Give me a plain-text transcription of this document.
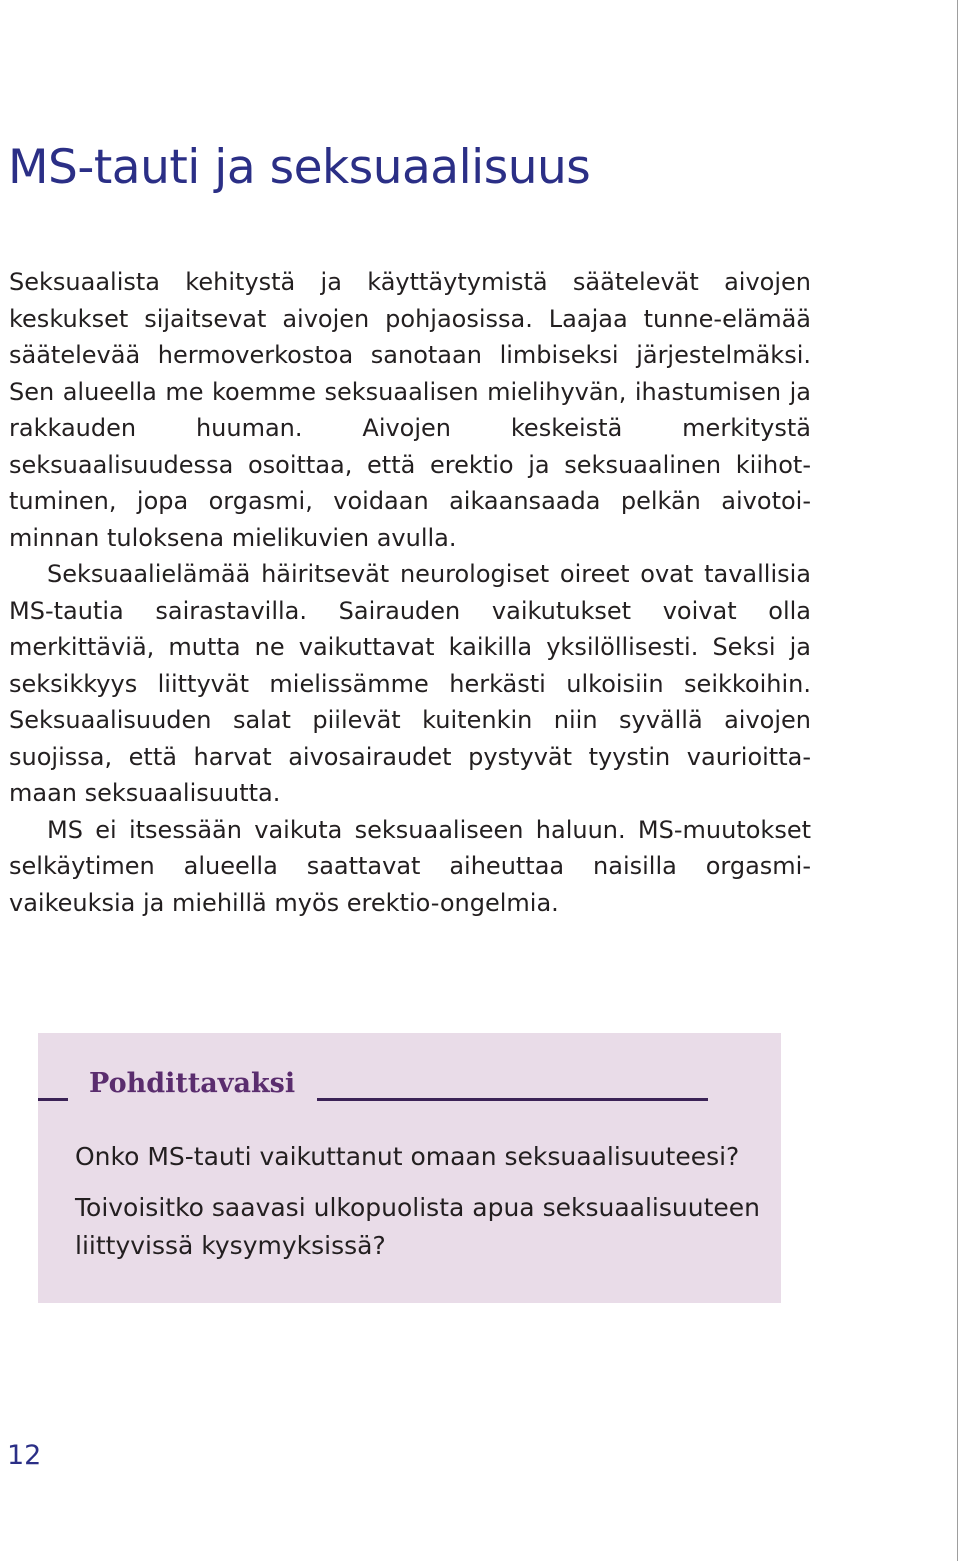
MS-tauti ja seksuaalisuus

Seksuaalista kehitystä ja käyttäytymistä säätelevät aivojen keskukset sijaitsevat aivojen pohjaosissa. Laajaa tunne-elämää säätelevää hermoverkostoa sanotaan limbiseksi järjestelmäksi. Sen alueella me koemme seksuaalisen mielihyvän, ihastumisen ja rakkauden huuman. Aivojen keskeistä merkitystä seksuaalisuudessa osoittaa, että erektio ja seksuaalinen kiihottuminen, jopa orgasmi, voidaan aikaansaada pelkän aivotoiminnan tuloksena mielikuvien avulla.

Seksuaalielämää häiritsevät neurologiset oireet ovat tavallisia MS-tautia sairastavilla. Sairauden vaikutukset voivat olla merkittäviä, mutta ne vaikuttavat kaikilla yksilöllisesti. Seksi ja seksikkyys liittyvät mielissämme herkästi ulkoisiin seikkoihin. Seksuaalisuuden salat piilevät kuitenkin niin syvällä aivojen suojissa, että harvat aivosairaudet pystyvät tyystin vaurioittamaan seksuaalisuutta.

MS ei itsessään vaikuta seksuaaliseen haluun. MS-muutokset selkäytimen alueella saattavat aiheuttaa naisilla orgasmivaikeuksia ja miehillä myös erektio-ongelmia.

Pohdittavaksi

Onko MS-tauti vaikuttanut omaan seksuaalisuuteesi?

Toivoisitko saavasi ulkopuolista apua seksuaalisuuteen liittyvissä kysymyksissä?

12
